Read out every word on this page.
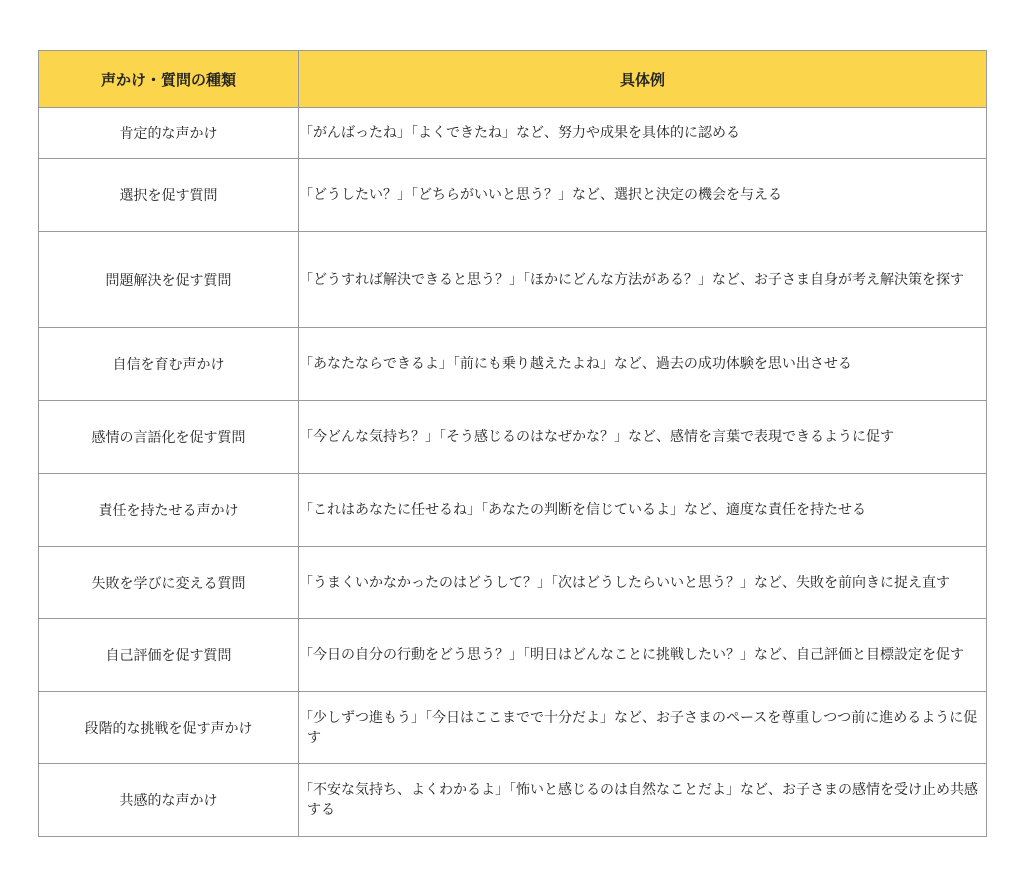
声かけ・質問の種類	具体例
肯定的な声かけ	「がんばったね」「よくできたね」など、努力や成果を具体的に認める

選択を促す質問	「どうしたい？」「どちらがいいと思う？」など、選択と決定の機会を与える

問題解決を促す質問	「どうすれば解決できると思う？」「ほかにどんな方法がある？」など、お子さま自身が考え解決策を探す

自信を育む声かけ	「あなたならできるよ」「前にも乗り越えたよね」など、過去の成功体験を思い出させる

感情の言語化を促す質問	「今どんな気持ち？」「そう感じるのはなぜかな？」など、感情を言葉で表現できるように促す

責任を持たせる声かけ	「これはあなたに任せるね」「あなたの判断を信じているよ」など、適度な責任を持たせる

失敗を学びに変える質問	「うまくいかなかったのはどうして？」「次はどうしたらいいと思う？」など、失敗を前向きに捉え直す

自己評価を促す質問	「今日の自分の行動をどう思う？」「明日はどんなことに挑戦したい？」など、自己評価と目標設定を促す

段階的な挑戦を促す声かけ	「少しずつ進もう」「今日はここまでで十分だよ」など、お子さまのペースを尊重しつつ前に進めるように促す

共感的な声かけ	「不安な気持ち、よくわかるよ」「怖いと感じるのは自然なことだよ」など、お子さまの感情を受け止め共感する
